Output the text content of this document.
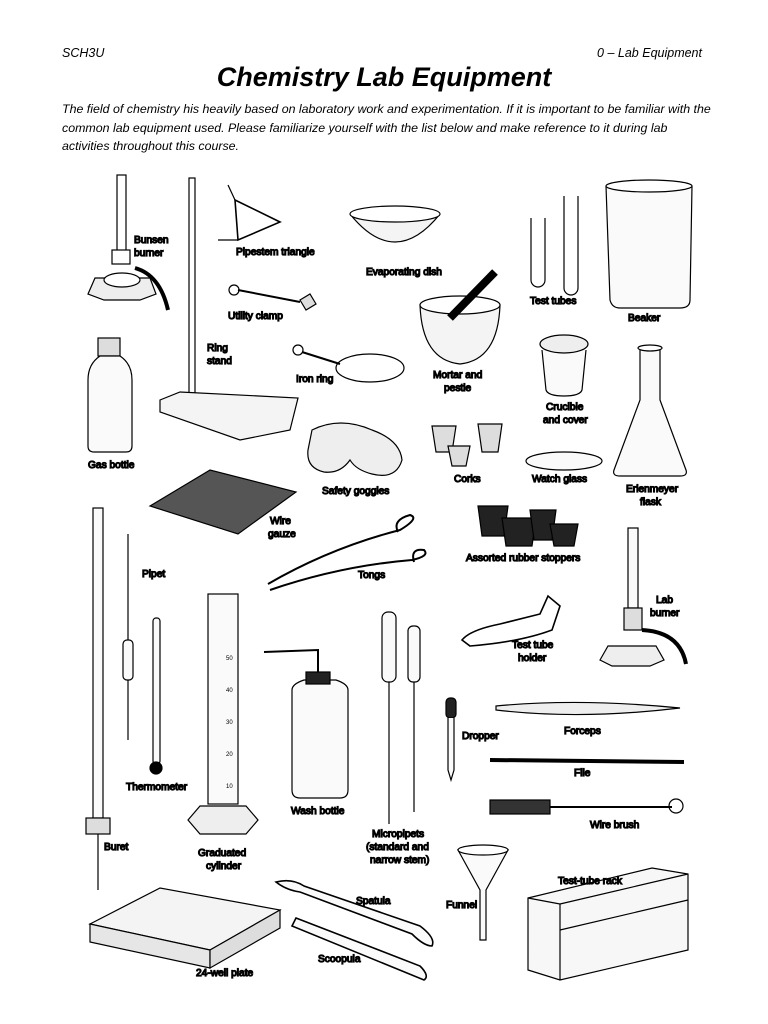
SCH3U	0 – Lab Equipment
Chemistry Lab Equipment

The field of chemistry his heavily based on laboratory work and experimentation. If it is important to be familiar with the common lab equipment used. Please familiarize yourself with the list below and make reference to it during lab activities throughout this course.

Bunsen
burner
Ring
stand
Pipestem triangle
Utility clamp
Iron ring
Evaporating dish
Mortar and
pestle
Test tubes
Beaker
Gas bottle
Crucible
and cover
Erlenmeyer
flask
Safety goggles
Corks	Watch glass
Wire
gauze
Assorted rubber stoppers
Tongs
Buret
Pipet
Thermometer
50
40
30
20
10
Graduated
cylinder
Wash bottle
Micropipets
(standard and
narrow stem)
Test tube
holder
Lab
burner
Dropper	Forceps
File
Wire brush
24-well plate
Spatula
Scoopula
Funnel
Test-tube rack
